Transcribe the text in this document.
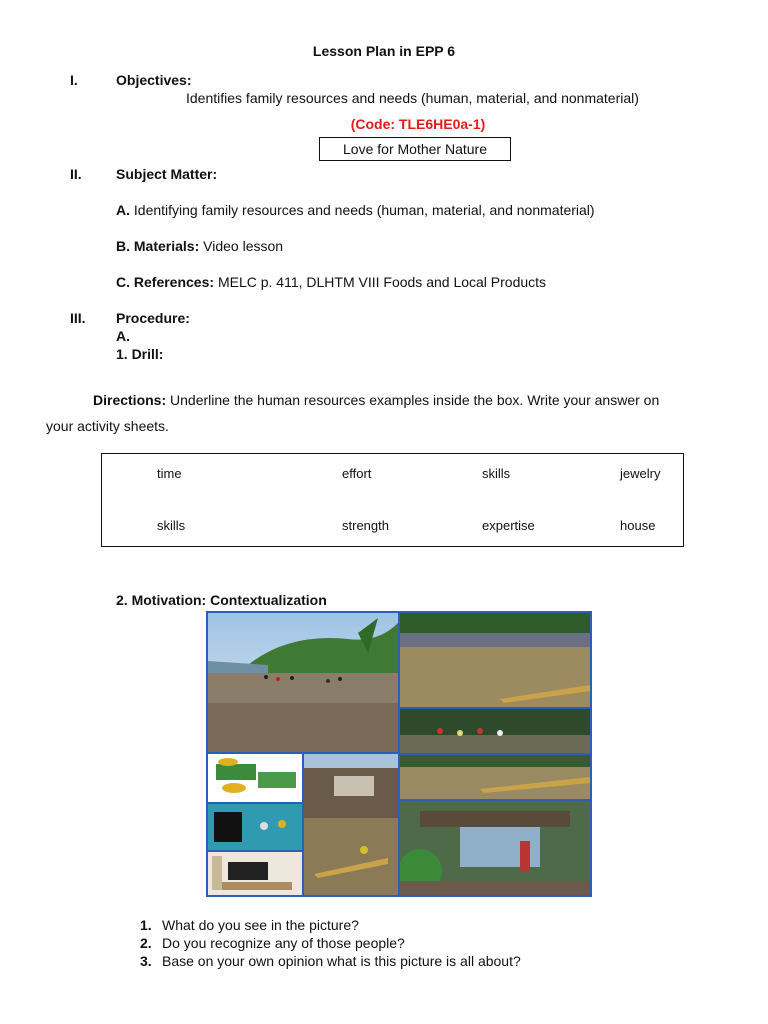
Lesson Plan in EPP 6
I.	Objectives:
Identifies family resources and needs (human, material, and nonmaterial)
(Code: TLE6HE0a-1)
Love for Mother Nature
II. Subject Matter:
A. Identifying family resources and needs (human, material, and nonmaterial)
B. Materials: Video lesson
C. References: MELC p. 411, DLHTM VIII Foods and Local Products
III. Procedure:
A.
1. Drill:
Directions: Underline the human resources examples inside the box. Write your answer on
your activity sheets.
time	effort	skills	jewelry
skills	strength	expertise	house
2. Motivation: Contextualization
1. What do you see in the picture?
2. Do you recognize any of those people?
3. Base on your own opinion what is this picture is all about?
